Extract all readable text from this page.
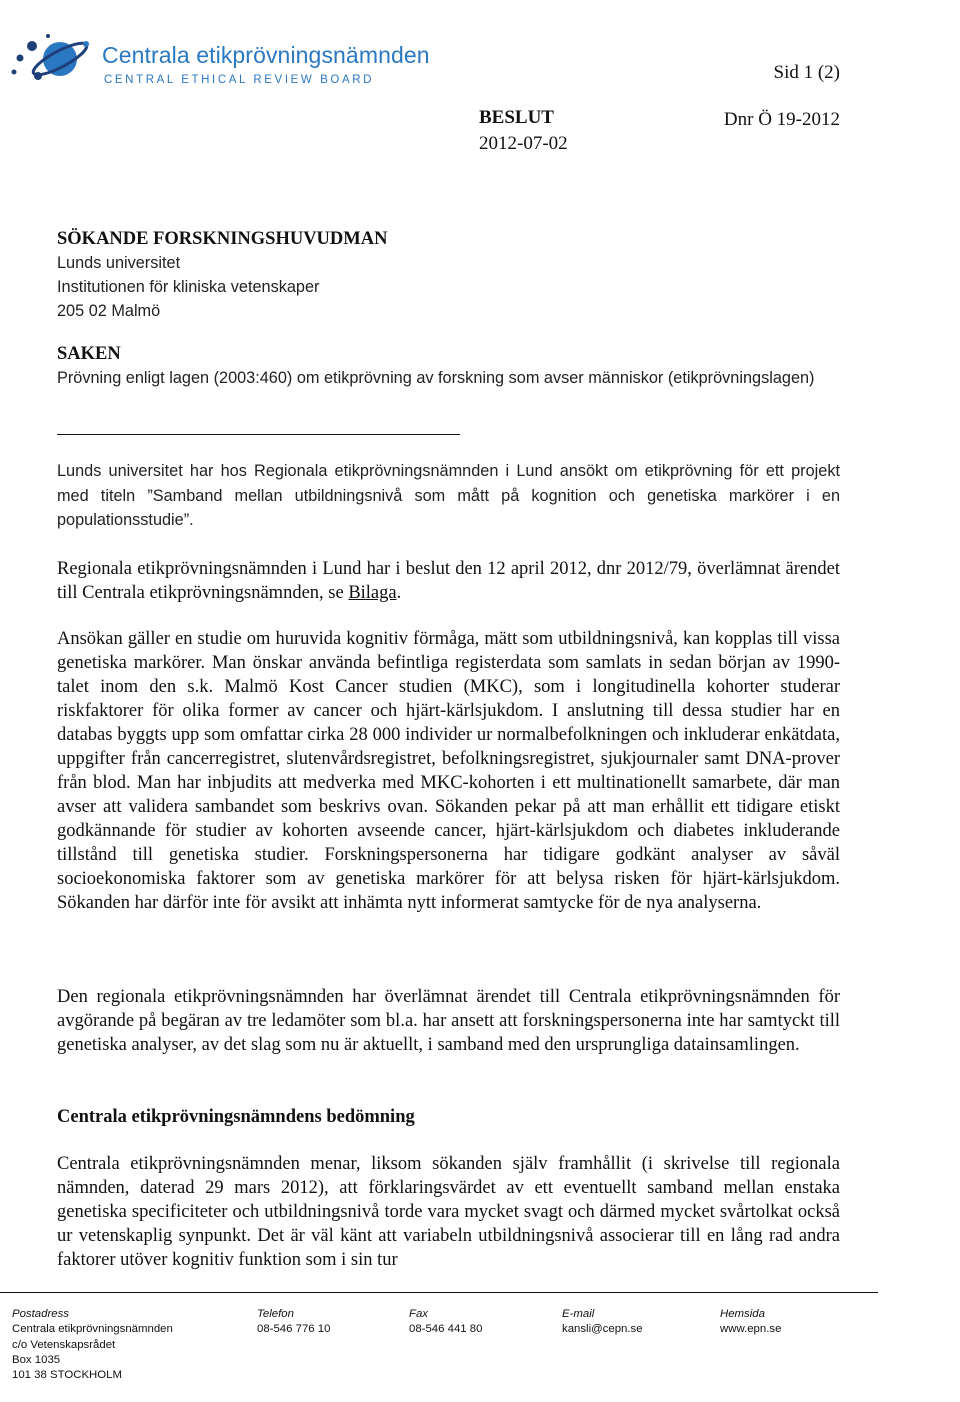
Centrala etikprövningsnämnden
CENTRAL ETHICAL REVIEW BOARD	Sid 1 (2)
BESLUT
2012-07-02
Dnr Ö 19-2012
SÖKANDE FORSKNINGSHUVUDMAN
Lunds universitet
Institutionen för kliniska vetenskaper
205 02 Malmö
SAKEN
Prövning enligt lagen (2003:460) om etikprövning av forskning som avser människor (etikprövningslagen)
Lunds universitet har hos Regionala etikprövningsnämnden i Lund ansökt om etikprövning för ett projekt med titeln ”Samband mellan utbildningsnivå som mått på kognition och genetiska markörer i en populationsstudie”.
Regionala etikprövningsnämnden i Lund har i beslut den 12 april 2012, dnr 2012/79, överlämnat ärendet till Centrala etikprövningsnämnden, se Bilaga.
Ansökan gäller en studie om huruvida kognitiv förmåga, mätt som utbildningsnivå, kan kopplas till vissa genetiska markörer. Man önskar använda befintliga registerdata som samlats in sedan början av 1990-talet inom den s.k. Malmö Kost Cancer studien (MKC), som i longitudinella kohorter studerar riskfaktorer för olika former av cancer och hjärt-kärlsjukdom. I anslutning till dessa studier har en databas byggts upp som omfattar cirka 28 000 individer ur normalbefolkningen och inkluderar enkätdata, uppgifter från cancerregistret, slutenvårdsregistret, befolkningsregistret, sjukjournaler samt DNA-prover från blod. Man har inbjudits att medverka med MKC-kohorten i ett multinationellt samarbete, där man avser att validera sambandet som beskrivs ovan. Sökanden pekar på att man erhållit ett tidigare etiskt godkännande för studier av kohorten avseende cancer, hjärt-kärlsjukdom och diabetes inkluderande tillstånd till genetiska studier. Forskningspersonerna har tidigare godkänt analyser av såväl socioekonomiska faktorer som av genetiska markörer för att belysa risken för hjärt-kärlsjukdom. Sökanden har därför inte för avsikt att inhämta nytt informerat samtycke för de nya analyserna.
Den regionala etikprövningsnämnden har överlämnat ärendet till Centrala etikprövningsnämnden för avgörande på begäran av tre ledamöter som bl.a. har ansett att forskningspersonerna inte har samtyckt till genetiska analyser, av det slag som nu är aktuellt, i samband med den ursprungliga datainsamlingen.
Centrala etikprövningsnämndens bedömning
Centrala etikprövningsnämnden menar, liksom sökanden själv framhållit (i skrivelse till regionala nämnden, daterad 29 mars 2012), att förklaringsvärdet av ett eventuellt samband mellan enstaka genetiska specificiteter och utbildningsnivå torde vara mycket svagt och därmed mycket svårtolkat också ur vetenskaplig synpunkt. Det är väl känt att variabeln utbildningsnivå associerar till en lång rad andra faktorer utöver kognitiv funktion som i sin tur
Postadress
Centrala etikprövningsnämnden
c/o Vetenskapsrådet
Box 1035
101 38 STOCKHOLM
Telefon
08-546 776 10
Fax
08-546 441 80
E-mail
kansli@cepn.se
Hemsida
www.epn.se
